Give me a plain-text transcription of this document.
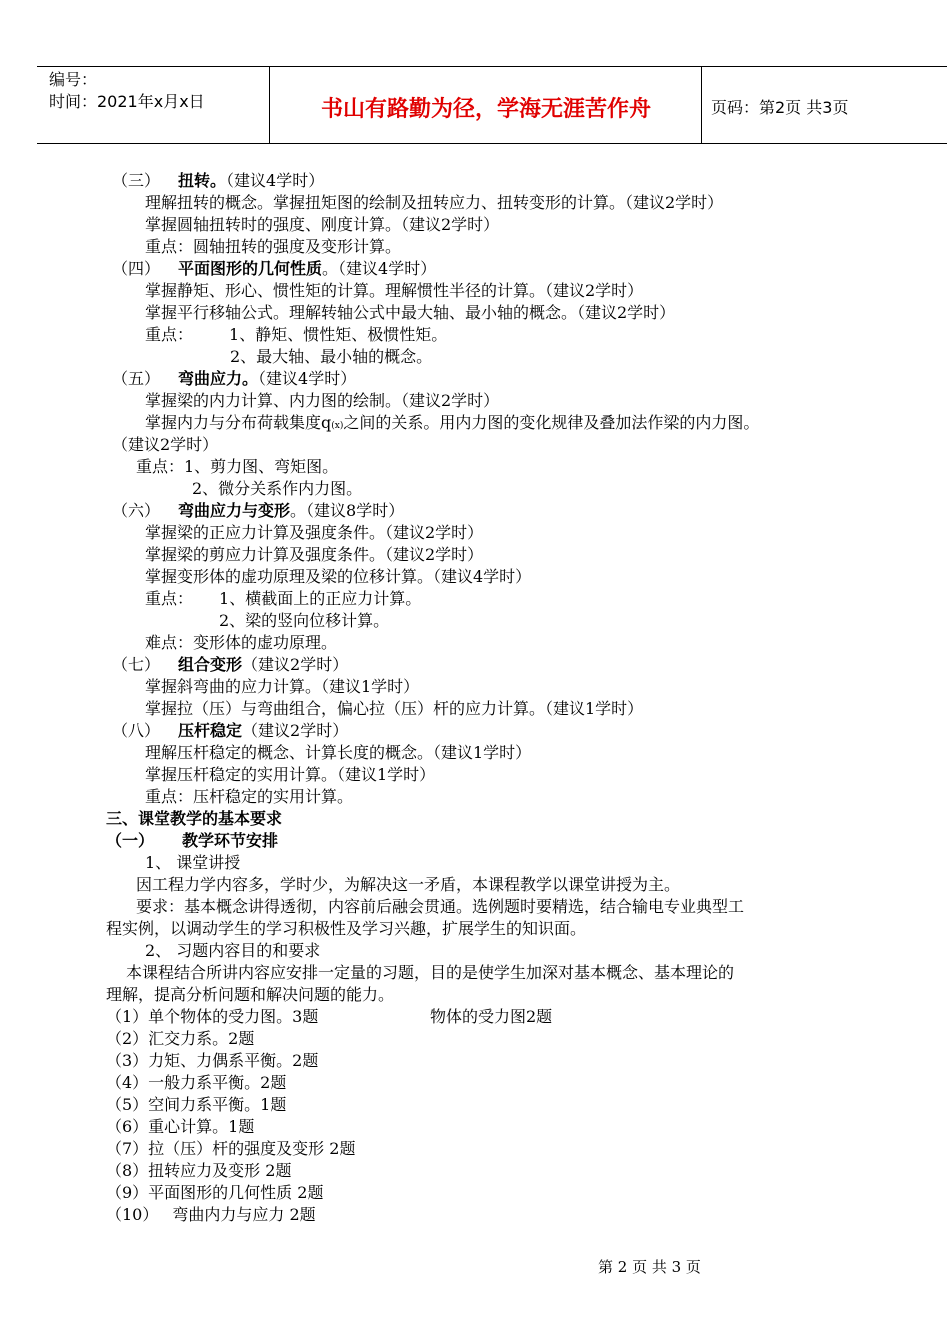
编号：
时间：2021年x月x日	书山有路勤为径，学海无涯苦作舟	页码：第2页 共3页
（三） 扭转。（建议4学时）
理解扭转的概念。掌握扭矩图的绘制及扭转应力、扭转变形的计算。（建议2学时）
掌握圆轴扭转时的强度、刚度计算。（建议2学时）
重点：圆轴扭转的强度及变形计算。
（四） 平面图形的几何性质。（建议4学时）
掌握静矩、形心、惯性矩的计算。理解惯性半径的计算。（建议2学时）
掌握平行移轴公式。理解转轴公式中最大轴、最小轴的概念。（建议2学时）
重点： 1、静矩、惯性矩、极惯性矩。
2、最大轴、最小轴的概念。
（五） 弯曲应力。（建议4学时）
掌握梁的内力计算、内力图的绘制。（建议2学时）
掌握内力与分布荷载集度q(x)之间的关系。用内力图的变化规律及叠加法作梁的内力图。
（建议2学时）
重点：1、剪力图、弯矩图。
2、微分关系作内力图。
（六） 弯曲应力与变形。（建议8学时）
掌握梁的正应力计算及强度条件。（建议2学时）
掌握梁的剪应力计算及强度条件。（建议2学时）
掌握变形体的虚功原理及梁的位移计算。（建议4学时）
重点： 1、横截面上的正应力计算。
2、梁的竖向位移计算。
难点：变形体的虚功原理。
（七） 组合变形（建议2学时）
掌握斜弯曲的应力计算。（建议1学时）
掌握拉（压）与弯曲组合，偏心拉（压）杆的应力计算。（建议1学时）
（八） 压杆稳定（建议2学时）
理解压杆稳定的概念、计算长度的概念。（建议1学时）
掌握压杆稳定的实用计算。（建议1学时）
重点：压杆稳定的实用计算。
三、课堂教学的基本要求
（一） 教学环节安排
1、 课堂讲授
因工程力学内容多，学时少，为解决这一矛盾，本课程教学以课堂讲授为主。
要求：基本概念讲得透彻，内容前后融会贯通。选例题时要精选，结合输电专业典型工
程实例，以调动学生的学习积极性及学习兴趣，扩展学生的知识面。
2、 习题内容目的和要求
本课程结合所讲内容应安排一定量的习题，目的是使学生加深对基本概念、基本理论的
理解，提高分析问题和解决问题的能力。
（1）单个物体的受力图。3题	物体的受力图2题
（2）汇交力系。2题
（3）力矩、力偶系平衡。2题
（4）一般力系平衡。2题
（5）空间力系平衡。1题
（6）重心计算。1题
（7）拉（压）杆的强度及变形 2题
（8）扭转应力及变形 2题
（9）平面图形的几何性质 2题
（10） 弯曲内力与应力 2题
第 2 页 共 3 页
